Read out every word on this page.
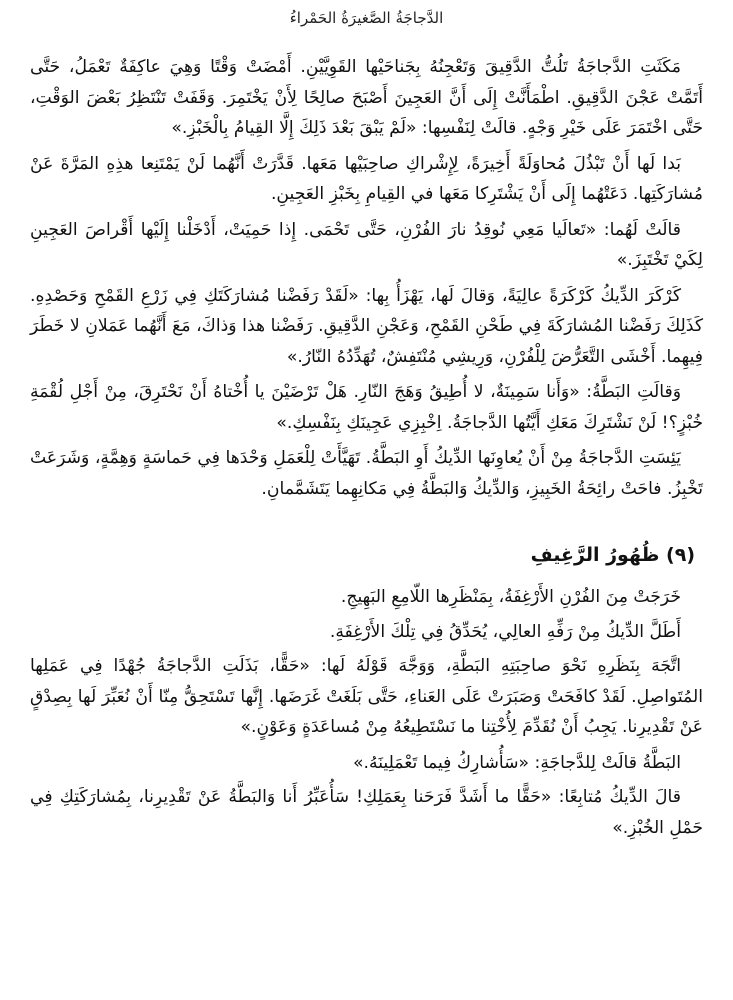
الدَّجاجَةُ الصَّغيرَةُ الحَمْراءُ

مَكَثَتِ الدَّجاجَةُ تَلُتُّ الدَّقِيقَ وَتَعْجِنُهُ بِجَناحَيْها القَوِيَّيْنِ. أَمْضَتْ وَقْتًا وَهِيَ عاكِفَةٌ تَعْمَلُ، حَتَّى أَتَمَّتْ عَجْنَ الدَّقِيقِ. اطْمَأَنَّتْ إِلَى أَنَّ العَجِينَ أَصْبَحَ صالِحًا لِأَنْ يَخْتَمِرَ. وَقَفَتْ تَنْتَظِرُ بَعْضَ الوَقْتِ، حَتَّى اخْتَمَرَ عَلَى خَيْرِ وَجْهٍ. قالَتْ لِنَفْسِها: «لَمْ يَبْقَ بَعْدَ ذَلِكَ إِلَّا القِيامُ بِالْخَبْزِ.»

بَدا لَها أَنْ تَبْذُلَ مُحاوَلَةً أَخِيرَةً، لِإِشْراكِ صاحِبَيْها مَعَها. قَدَّرَتْ أَنَّهُما لَنْ يَمْتَنِعا هذِهِ المَرَّةَ عَنْ مُشارَكَتِها. دَعَتْهُما إِلَى أَنْ يَشْتَرِكا مَعَها في القِيامِ بِخَبْزِ العَجِينِ.

قالَتْ لَهُما: «تَعالَيا مَعِي نُوقِدُ نارَ الفُرْنِ، حَتَّى تَحْمَى. إِذا حَمِيَتْ، أَدْخَلْنا إِلَيْها أَقْراصَ العَجِينِ لِكَيْ تَخْتَبِزَ.»

كَرْكَرَ الدِّيكُ كَرْكَرَةً عالِيَةً، وَقالَ لَها، يَهْزَأُ بِها: «لَقَدْ رَفَضْنا مُشارَكَتَكِ فِي زَرْعِ القَمْحِ وَحَصْدِهِ. كَذَلِكَ رَفَضْنا المُشارَكَةَ فِي طَحْنِ القَمْحِ، وَعَجْنِ الدَّقِيقِ. رَفَضْنا هذا وَذاكَ، مَعَ أَنَّهُما عَمَلانِ لا خَطَرَ فِيهِما. أَخْشَى التَّعَرُّضَ لِلْفُرْنِ، وَرِيشِي مُنْتَفِشٌ، تُهَدِّدُهُ النّارُ.»

وَقالَتِ البَطَّةُ: «وَأَنا سَمِينَةٌ، لا أُطِيقُ وَهَجَ النّارِ. هَلْ تَرْضَيْنَ يا أُخْتاهُ أَنْ نَحْتَرِقَ، مِنْ أَجْلِ لُقْمَةِ خُبْزٍ؟! لَنْ نَشْتَرِكَ مَعَكِ أَيَّتُها الدَّجاجَةُ. اِخْبِزِي عَجِينَكِ بِنَفْسِكِ.»

يَئِسَتِ الدَّجاجَةُ مِنْ أَنْ يُعاوِنَها الدِّيكُ أَوِ البَطَّةُ. تَهَيَّأَتْ لِلْعَمَلِ وَحْدَها فِي حَماسَةٍ وَهِمَّةٍ، وَشَرَعَتْ تَخْبِزُ. فاحَتْ رائِحَةُ الخَبِيزِ، وَالدِّيكُ وَالبَطَّةُ فِي مَكانِهِما يَتَشَمَّمانِ.

(٩) ظُهُورُ الرَّغِيفِ

خَرَجَتْ مِنَ الفُرْنِ الأَرْغِفَةُ، بِمَنْظَرِها اللّامِعِ البَهِيجِ.

أَطَلَّ الدِّيكُ مِنْ رَفِّهِ العالِي، يُحَدِّقُ فِي تِلْكَ الأَرْغِفَةِ.

اتَّجَهَ بِنَظَرِهِ نَحْوَ صاحِبَتِهِ البَطَّةِ، وَوَجَّهَ قَوْلَهُ لَها: «حَقًّا، بَذَلَتِ الدَّجاجَةُ جُهْدًا فِي عَمَلِها المُتَواصِلِ. لَقَدْ كافَحَتْ وَصَبَرَتْ عَلَى العَناءِ، حَتَّى بَلَغَتْ غَرَضَها. إِنَّها تَسْتَحِقُّ مِنّا أَنْ نُعَبِّرَ لَها بِصِدْقٍ عَنْ تَقْدِيرِنا. يَجِبُ أَنْ نُقَدِّمَ لِأُخْتِنا ما نَسْتَطِيعُهُ مِنْ مُساعَدَةٍ وَعَوْنٍ.»

البَطَّةُ قالَتْ لِلدَّجاجَةِ: «سَأُشارِكُ فِيما تَعْمَلِينَهُ.»

قالَ الدِّيكُ مُتابِعًا: «حَقًّا ما أَشَدَّ فَرَحَنا بِعَمَلِكِ! سَأُعَبِّرُ أَنا وَالبَطَّةُ عَنْ تَقْدِيرِنا، بِمُشارَكَتِكِ فِي حَمْلِ الخُبْزِ.»
